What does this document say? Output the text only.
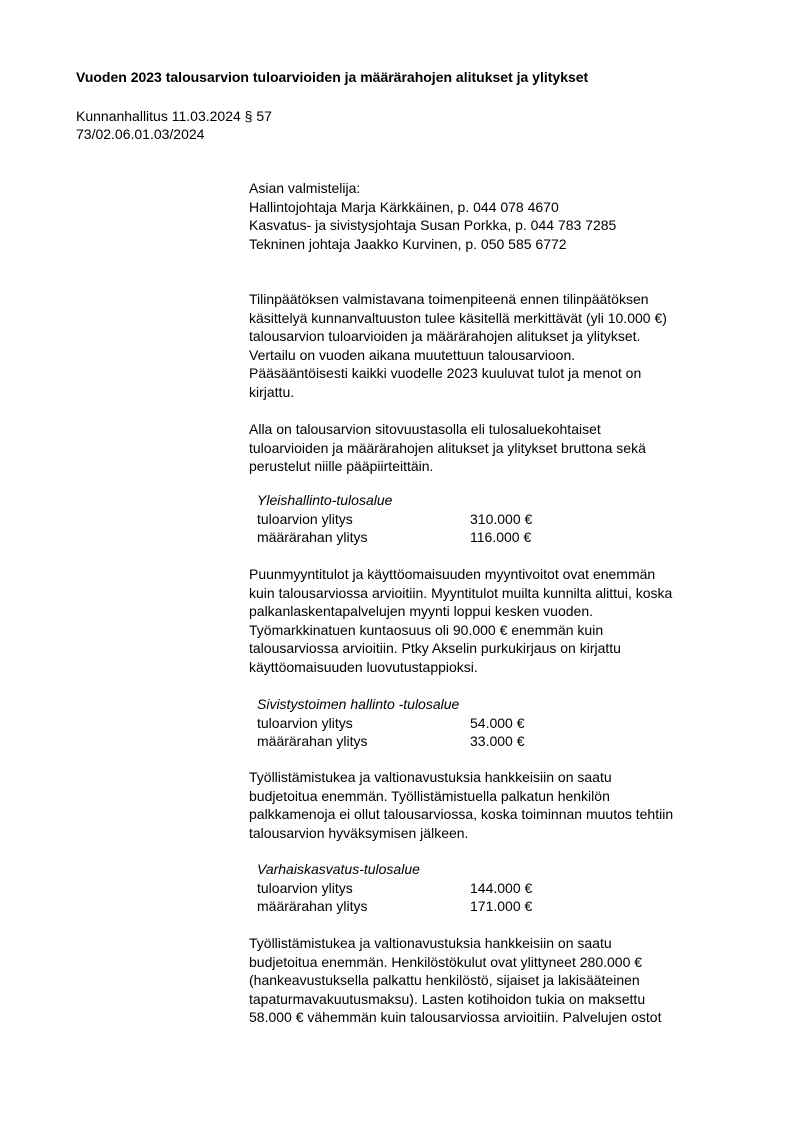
Vuoden 2023 talousarvion tuloarvioiden ja määrärahojen alitukset ja ylitykset
Kunnanhallitus 11.03.2024 § 57
73/02.06.01.03/2024
Asian valmistelija:
Hallintojohtaja Marja Kärkkäinen, p. 044 078 4670
Kasvatus- ja sivistysjohtaja Susan Porkka, p. 044 783 7285
Tekninen johtaja Jaakko Kurvinen, p. 050 585 6772

Tilinpäätöksen valmistavana toimenpiteenä ennen tilinpäätöksen

käsittelyä kunnanvaltuuston tulee käsitellä merkittävät (yli 10.000 €)

talousarvion tuloarvioiden ja määrärahojen alitukset ja ylitykset.

Vertailu on vuoden aikana muutettuun talousarvioon.

Pääsääntöisesti kaikki vuodelle 2023 kuuluvat tulot ja menot on

kirjattu.

Alla on talousarvion sitovuustasolla eli tulosaluekohtaiset

tuloarvioiden ja määrärahojen alitukset ja ylitykset bruttona sekä

perustelut niille pääpiirteittäin.

Yleishallinto-tulosalue
tuloarvion ylitys	310.000 €
määrärahan ylitys	116.000 €

Puunmyyntitulot ja käyttöomaisuuden myyntivoitot ovat enemmän

kuin talousarviossa arvioitiin. Myyntitulot muilta kunnilta alittui, koska

palkanlaskentapalvelujen myynti loppui kesken vuoden.

Työmarkkinatuen kuntaosuus oli 90.000 € enemmän kuin

talousarviossa arvioitiin. Ptky Akselin purkukirjaus on kirjattu

käyttöomaisuuden luovutustappioksi.

Sivistystoimen hallinto -tulosalue
tuloarvion ylitys	54.000 €
määrärahan ylitys	33.000 €

Työllistämistukea ja valtionavustuksia hankkeisiin on saatu

budjetoitua enemmän. Työllistämistuella palkatun henkilön

palkkamenoja ei ollut talousarviossa, koska toiminnan muutos tehtiin

talousarvion hyväksymisen jälkeen.

Varhaiskasvatus-tulosalue
tuloarvion ylitys	144.000 €
määrärahan ylitys	171.000 €

Työllistämistukea ja valtionavustuksia hankkeisiin on saatu

budjetoitua enemmän. Henkilöstökulut ovat ylittyneet 280.000 €

(hankeavustuksella palkattu henkilöstö, sijaiset ja lakisääteinen

tapaturmavakuutusmaksu). Lasten kotihoidon tukia on maksettu

58.000 € vähemmän kuin talousarviossa arvioitiin. Palvelujen ostot
